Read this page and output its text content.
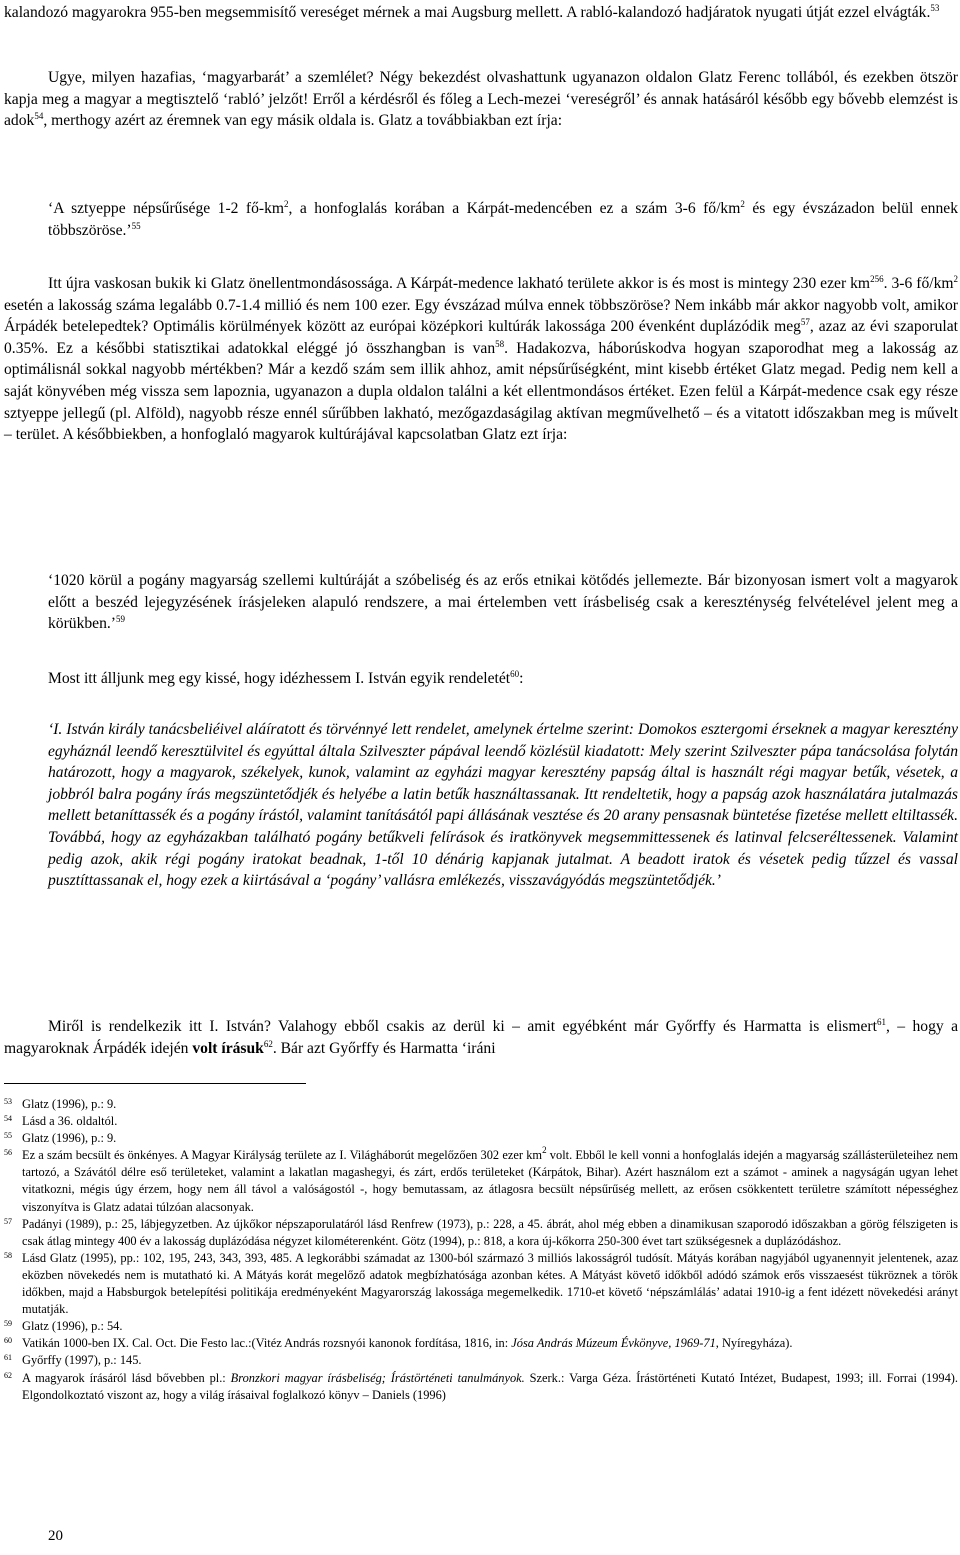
kalandozó magyarokra 955-ben megsemmisítő vereséget mérnek a mai Augsburg mellett. A rabló-kalandozó hadjáratok nyugati útját ezzel elvágták.$^{53}$

Ugye, milyen hazafias, ‘magyarbarát’ a szemlélet? Négy bekezdést olvashattunk ugyanazon oldalon Glatz Ferenc tollából, és ezekben ötször kapja meg a magyar a megtisztelő ‘rabló’ jelzőt! Erről a kérdésről és főleg a Lech-mezei ‘vereségről’ és annak hatásáról később egy bővebb elemzést is adok$^{54}$, merthogy azért az éremnek van egy másik oldala is. Glatz a továbbiakban ezt írja:

‘A sztyeppe népsűrűsége 1-2 $fő-km^2$, a honfoglalás korában a Kárpát-medencében ez a szám 3-6 $fő/km^2$ és egy évszázadon belül ennek többszöröse.’$^{55}$

Itt újra vaskosan bukik ki Glatz önellentmondásossága. A Kárpát-medence lakható területe akkor is és most is mintegy 230 ezer $km^{256}$. 3-6 $fő/km^2$ esetén a lakosság száma legalább 0.7-1.4 millió és nem 100 ezer. Egy évszázad múlva ennek többszöröse? Nem inkább már akkor nagyobb volt, amikor Árpádék betelepedtek? Optimális körülmények között az európai középkori kultúrák lakossága 200 évenként duplázódik meg$^{57}$, azaz az évi szaporulat 0.35%. Ez a későbbi statisztikai adatokkal eléggé jó összhangban is van$^{58}$. Hadakozva, háborúskodva hogyan szaporodhat meg a lakosság az optimálisnál sokkal nagyobb mértékben? Már a kezdő szám sem illik ahhoz, amit népsűrűségként, mint kisebb értéket Glatz megad. Pedig nem kell a saját könyvében még vissza sem lapoznia, ugyanazon a dupla oldalon találni a két ellentmondásos értéket. Ezen felül a Kárpát-medence csak egy része sztyeppe jellegű (pl. Alföld), nagyobb része ennél sűrűbben lakható, mezőgazdaságilag aktívan megművelhető – és a vitatott időszakban meg is művelt – terület. A későbbiekben, a honfoglaló magyarok kultúrájával kapcsolatban Glatz ezt írja:

‘1020 körül a pogány magyarság szellemi kultúráját a szóbeliség és az erős etnikai kötődés jellemezte. Bár bizonyosan ismert volt a magyarok előtt a beszéd lejegyzésének írásjeleken alapuló rendszere, a mai értelemben vett írásbeliség csak a kereszténység felvételével jelent meg a körükben.’$^{59}$

Most itt álljunk meg egy kissé, hogy idézhessem I. István egyik rendeletét$^{60}$:

‘I. István király tanácsbeliéivel aláíratott és törvénnyé lett rendelet, amelynek értelme szerint: Domokos esztergomi érseknek a magyar keresztény egyháznál leendő keresztülvitel és egyúttal általa Szilveszter pápával leendő közlésül kiadatott: Mely szerint Szilveszter pápa tanácsolása folytán határozott, hogy a magyarok, székelyek, kunok, valamint az egyházi magyar keresztény papság által is használt régi magyar betűk, vésetek, a jobbról balra pogány írás megszüntetődjék és helyébe a latin betűk használtassanak. Itt rendeltetik, hogy a papság azok használatára jutalmazás mellett betaníttassék és a pogány írástól, valamint tanításától papi állásának vesztése és 20 arany pensasnak büntetése fizetése mellett eltiltassék. Továbbá, hogy az egyházakban található pogány betűkveli felírások és iratkönyvek megsemmittessenek és latinval felcseréltessenek. Valamint pedig azok, akik régi pogány iratokat beadnak, 1-től 10 dénárig kapjanak jutalmat. A beadott iratok és vésetek pedig tűzzel és vassal pusztíttassanak el, hogy ezek a kiirtásával a ‘pogány’ vallásra emlékezés, visszavágyódás megszüntetődjék.’

Miről is rendelkezik itt I. István? Valahogy ebből csakis az derül ki – amit egyébként már Győrffy és Harmatta is elismert$^{61}$, – hogy a magyaroknak Árpádék idején volt írásuk$^{62}$. Bár azt Győrffy és Harmatta ‘iráni

$^{53}$ Glatz (1996), p.: 9.

$^{54}$ Lásd a 36. oldaltól.

$^{55}$ Glatz (1996), p.: 9.

$^{56}$ Ez a szám becsült és önkényes. A Magyar Királyság területe az I. Világháborút megelőzően 302 ezer $km^2$ volt. Ebből le kell vonni a honfoglalás idején a magyarság szállásterületeihez nem tartozó, a Szávától délre eső területeket, valamint a lakatlan magashegyi, és zárt, erdős területeket (Kárpátok, Bihar). Azért használom ezt a számot - aminek a nagyságán ugyan lehet vitatkozni, mégis úgy érzem, hogy nem áll távol a valóságostól -, hogy bemutassam, az átlagosra becsült népsűrűség mellett, az erősen csökkentett területre számított népességhez viszonyítva is Glatz adatai túlzóan alacsonyak.

$^{57}$ Padányi (1989), p.: 25, lábjegyzetben. Az újkőkor népszaporulatáról lásd Renfrew (1973), p.: 228, a 45. ábrát, ahol még ebben a dinamikusan szaporodó időszakban a görög félszigeten is csak átlag mintegy 400 év a lakosság duplázódása négyzet kilométerenként. Götz (1994), p.: 818, a kora új-kőkorra 250-300 évet tart szükségesnek a duplázódáshoz.

$^{58}$ Lásd Glatz (1995), pp.: 102, 195, 243, 343, 393, 485. A legkorábbi számadat az 1300-ból származó 3 milliós lakosságról tudósít. Mátyás korában nagyjából ugyanennyit jelentenek, azaz eközben növekedés nem is mutatható ki. A Mátyás korát megelőző adatok megbízhatósága azonban kétes. A Mátyást követő időkből adódó számok erős visszaesést tükröznek a török időkben, majd a Habsburgok betelepítési politikája eredményeként Magyarország lakossága megemelkedik. 1710-et követő ‘népszámlálás’ adatai 1910-ig a fent idézett növekedési arányt mutatják.

$^{59}$ Glatz (1996), p.: 54.

$^{60}$ Vatikán 1000-ben IX. Cal. Oct. Die Festo lac.:(Vitéz András rozsnyói kanonok fordítása, 1816, in: Jósa András Múzeum Évkönyve, 1969-71, Nyíregyháza).

$^{61}$ Győrffy (1997), p.: 145.

$^{62}$ A magyarok írásáról lásd bővebben pl.: Bronzkori magyar írásbeliség; Írástörténeti tanulmányok. Szerk.: Varga Géza. Írástörténeti Kutató Intézet, Budapest, 1993; ill. Forrai (1994). Elgondolkoztató viszont az, hogy a világ írásaival foglalkozó könyv – Daniels (1996)

20
